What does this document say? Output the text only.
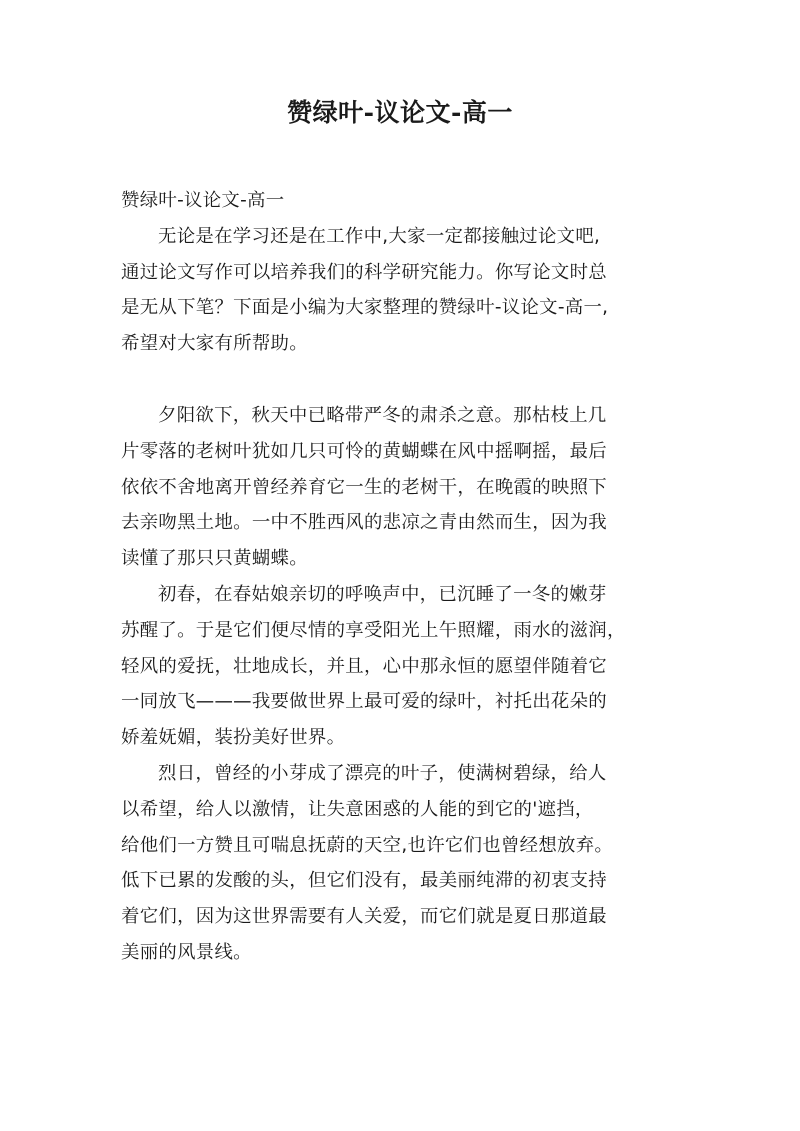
赞绿叶-议论文-高一

赞绿叶-议论文-高一

无论是在学习还是在工作中,大家一定都接触过论文吧,

通过论文写作可以培养我们的科学研究能力。你写论文时总

是无从下笔？下面是小编为大家整理的赞绿叶-议论文-高一,

希望对大家有所帮助。

夕阳欲下，秋天中已略带严冬的肃杀之意。那枯枝上几

片零落的老树叶犹如几只可怜的黄蝴蝶在风中摇啊摇，最后

依依不舍地离开曾经养育它一生的老树干，在晚霞的映照下

去亲吻黑土地。一中不胜西风的悲凉之青由然而生，因为我

读懂了那只只黄蝴蝶。

初春，在春姑娘亲切的呼唤声中，已沉睡了一冬的嫩芽

苏醒了。于是它们便尽情的享受阳光上午照耀，雨水的滋润，

轻风的爱抚，壮地成长，并且，心中那永恒的愿望伴随着它

一同放飞———我要做世界上最可爱的绿叶，衬托出花朵的

娇羞妩媚，装扮美好世界。

烈日，曾经的小芽成了漂亮的叶子，使满树碧绿，给人

以希望，给人以激情，让失意困惑的人能的到它的'遮挡，

给他们一方赞且可喘息抚蔚的天空,也许它们也曾经想放弃。

低下已累的发酸的头，但它们没有，最美丽纯滞的初衷支持

着它们，因为这世界需要有人关爱，而它们就是夏日那道最

美丽的风景线。
